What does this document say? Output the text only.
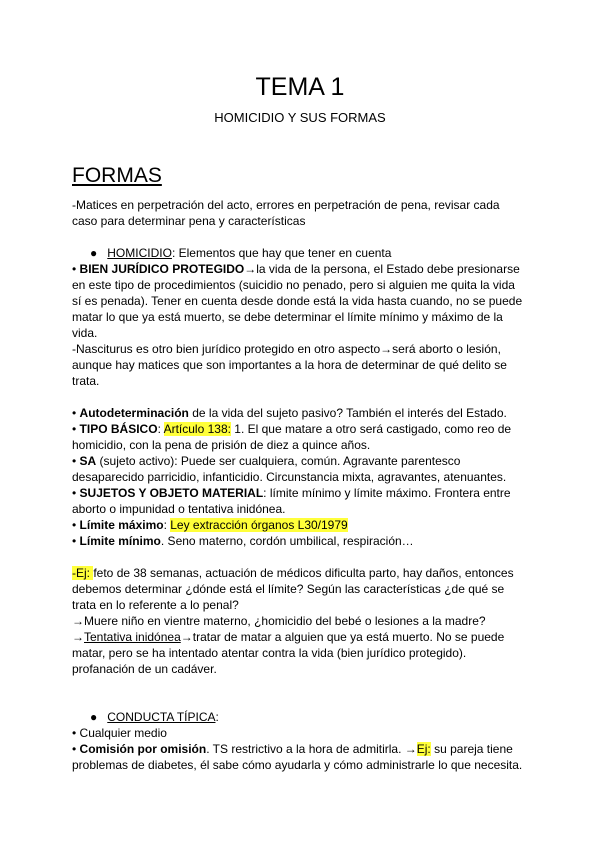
TEMA 1
HOMICIDIO Y SUS FORMAS
FORMAS
-Matices en perpetración del acto, errores en perpetración de pena, revisar cada
caso para determinar pena y características
● HOMICIDIO: Elementos que hay que tener en cuenta
• BIEN JURÍDICO PROTEGIDO→la vida de la persona, el Estado debe presionarse
en este tipo de procedimientos (suicidio no penado, pero si alguien me quita la vida
sí es penada). Tener en cuenta desde donde está la vida hasta cuando, no se puede
matar lo que ya está muerto, se debe determinar el límite mínimo y máximo de la
vida.
-Nasciturus es otro bien jurídico protegido en otro aspecto→será aborto o lesión,
aunque hay matices que son importantes a la hora de determinar de qué delito se
trata.
• Autodeterminación de la vida del sujeto pasivo? También el interés del Estado.
• TIPO BÁSICO: Artículo 138: 1. El que matare a otro será castigado, como reo de
homicidio, con la pena de prisión de diez a quince años.
• SA (sujeto activo): Puede ser cualquiera, común. Agravante parentesco
desaparecido parricidio, infanticidio. Circunstancia mixta, agravantes, atenuantes.
• SUJETOS Y OBJETO MATERIAL: límite mínimo y límite máximo. Frontera entre
aborto o impunidad o tentativa inidónea.
• Límite máximo: Ley extracción órganos L30/1979
• Límite mínimo. Seno materno, cordón umbilical, respiración…
-Ej: feto de 38 semanas, actuación de médicos dificulta parto, hay daños, entonces
debemos determinar ¿dónde está el límite? Según las características ¿de qué se
trata en lo referente a lo penal?
→Muere niño en vientre materno, ¿homicidio del bebé o lesiones a la madre?
→Tentativa inidónea→tratar de matar a alguien que ya está muerto. No se puede
matar, pero se ha intentado atentar contra la vida (bien jurídico protegido).
profanación de un cadáver.
● CONDUCTA TÍPICA:
• Cualquier medio
• Comisión por omisión. TS restrictivo a la hora de admitirla. →Ej: su pareja tiene
problemas de diabetes, él sabe cómo ayudarla y cómo administrarle lo que necesita.
